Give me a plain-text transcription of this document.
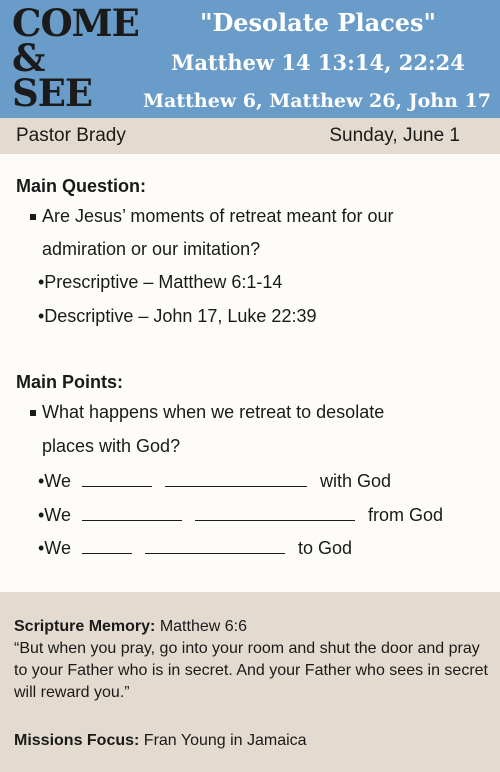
COME
&
SEE
"Desolate Places"
Matthew 14 13:14, 22:24
Matthew 6, Matthew 26, John 17
Pastor Brady	Sunday, June 1
Main Question:
Are Jesus’ moments of retreat meant for our
admiration or our imitation?
•Prescriptive – Matthew 6:1-14
•Descriptive – John 17, Luke 22:39
Main Points:
What happens when we retreat to desolate
places with God?
•We	with God
•We	from God
•We	to God
Scripture Memory: Matthew 6:6
“But when you pray, go into your room and shut the door and pray to your Father who is in secret. And your Father who sees in secret will reward you.”
Missions Focus: Fran Young in Jamaica
